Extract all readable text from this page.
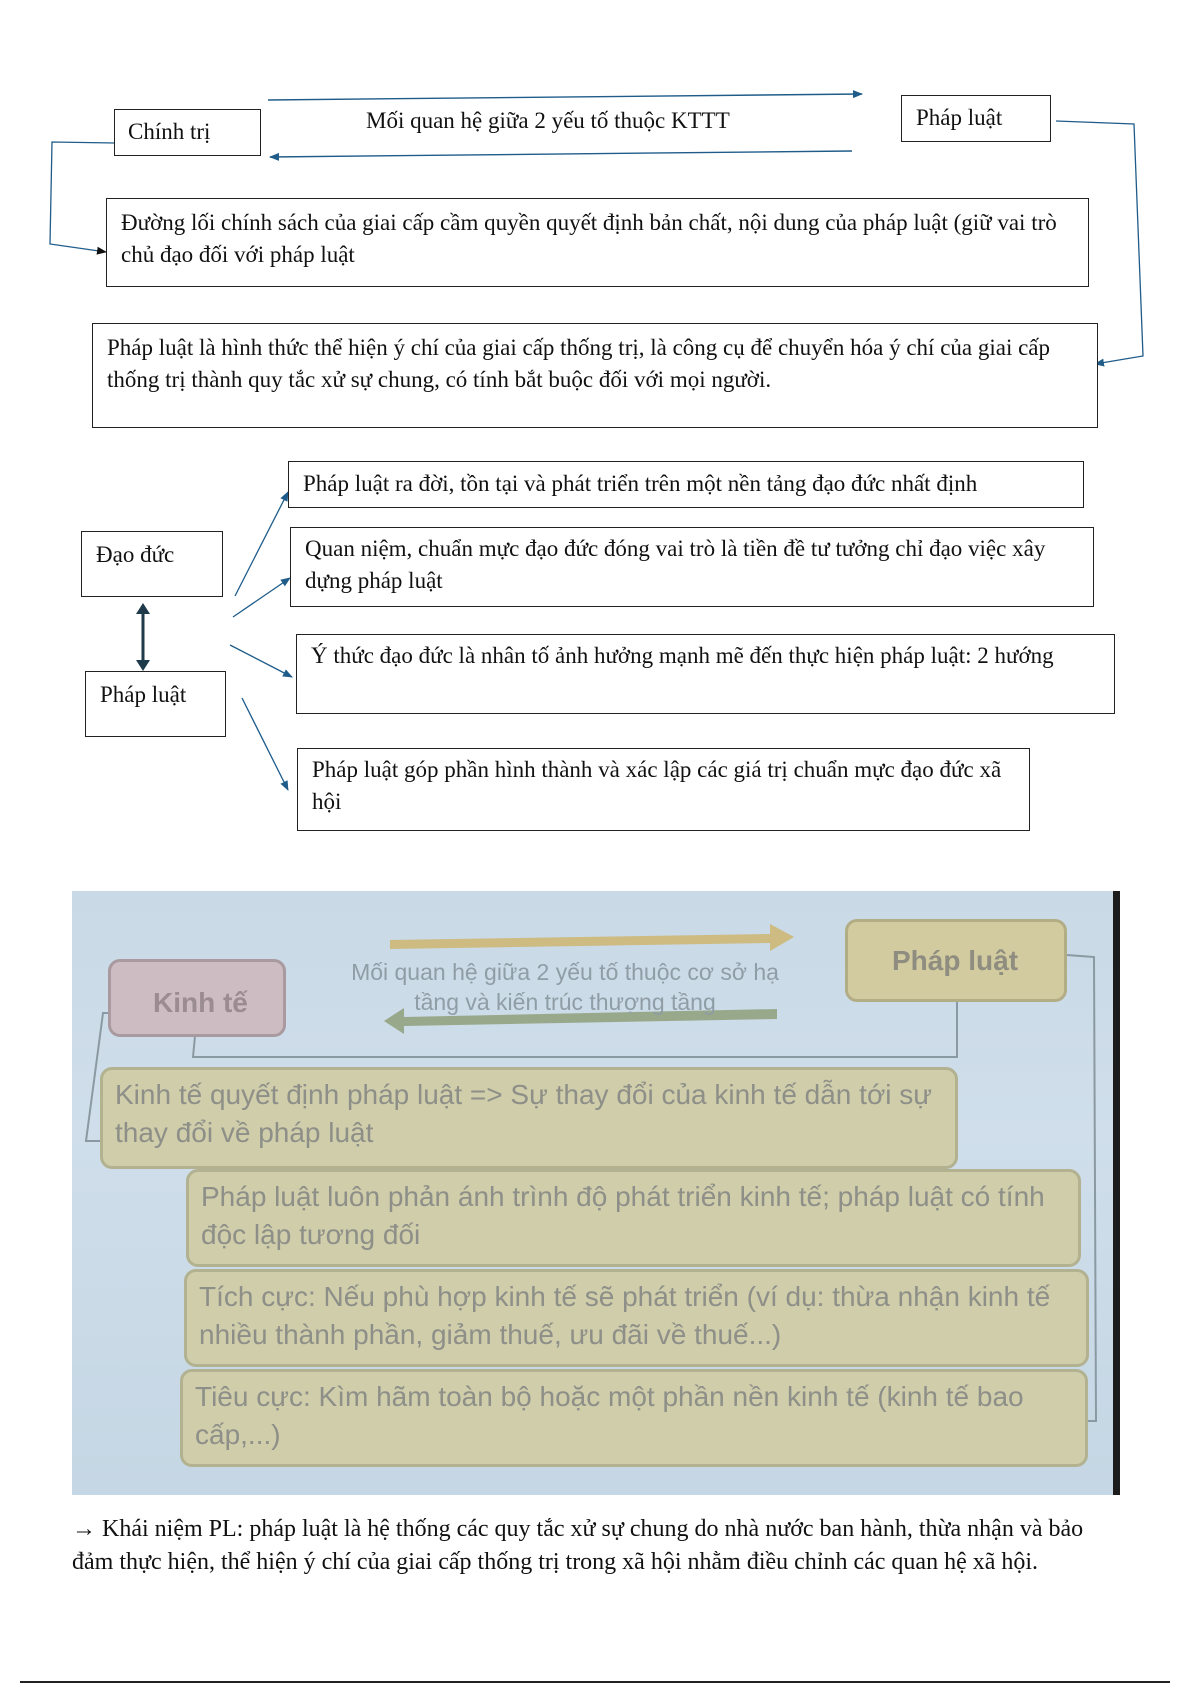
Chính trị	Mối quan hệ giữa 2 yếu tố thuộc KTTT	Pháp luật
Đường lối chính sách của giai cấp cầm quyền quyết định bản chất, nội dung của pháp luật (giữ vai trò chủ đạo đối với pháp luật
Pháp luật là hình thức thể hiện ý chí của giai cấp thống trị, là công cụ để chuyển hóa ý chí của giai cấp thống trị thành quy tắc xử sự chung, có tính bắt buộc đối với mọi người.
Đạo đức
Pháp luật
Pháp luật ra đời, tồn tại và phát triển trên một nền tảng đạo đức nhất định
Quan niệm, chuẩn mực đạo đức đóng vai trò là tiền đề tư tưởng chỉ đạo việc xây dựng pháp luật
Ý thức đạo đức là nhân tố ảnh hưởng mạnh mẽ đến thực hiện pháp luật: 2 hướng
Pháp luật góp phần hình thành và xác lập các giá trị chuẩn mực đạo đức xã hội
Kinh tế
Mối quan hệ giữa 2 yếu tố thuộc cơ sở hạ tầng và kiến trúc thượng tầng
Pháp luật
Kinh tế quyết định pháp luật => Sự thay đổi của kinh tế dẫn tới sự thay đổi về pháp luật
Pháp luật luôn phản ánh trình độ phát triển kinh tế; pháp luật có tính độc lập tương đối
Tích cực: Nếu phù hợp kinh tế sẽ phát triển (ví dụ: thừa nhận kinh tế nhiều thành phần, giảm thuế, ưu đãi về thuế...)
Tiêu cực: Kìm hãm toàn bộ hoặc một phần nền kinh tế (kinh tế bao cấp,...)
→ Khái niệm PL: pháp luật là hệ thống các quy tắc xử sự chung do nhà nước ban hành, thừa nhận và bảo đảm thực hiện, thể hiện ý chí của giai cấp thống trị trong xã hội nhằm điều chỉnh các quan hệ xã hội.
